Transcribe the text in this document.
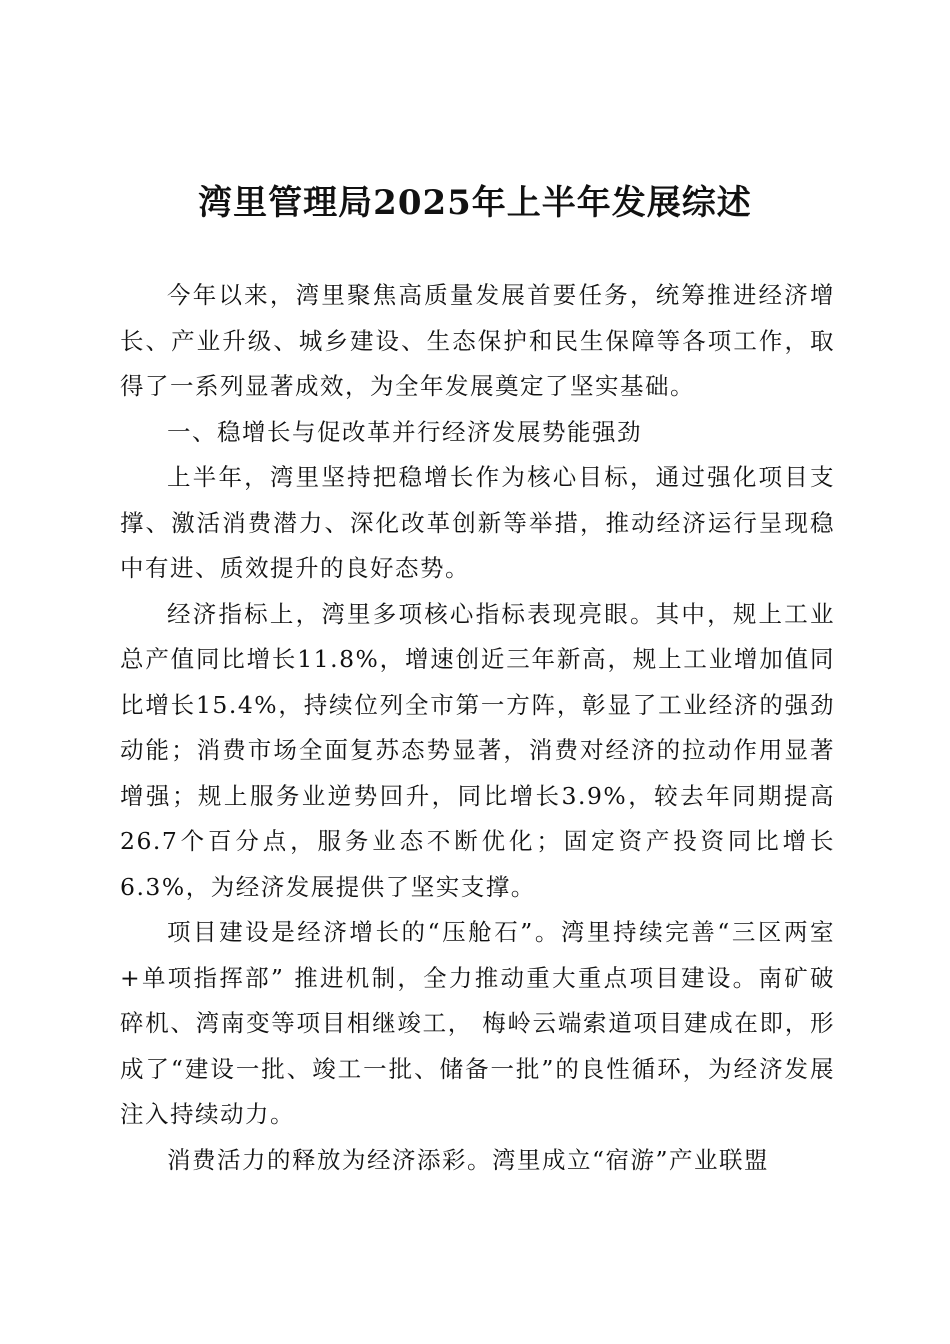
湾里管理局2025年上半年发展综述

今年以来，湾里聚焦高质量发展首要任务，统筹推进经济增长、产业升级、城乡建设、生态保护和民生保障等各项工作，取得了一系列显著成效，为全年发展奠定了坚实基础。

一、稳增长与促改革并行经济发展势能强劲

上半年，湾里坚持把稳增长作为核心目标，通过强化项目支撑、激活消费潜力、深化改革创新等举措，推动经济运行呈现稳中有进、质效提升的良好态势。

经济指标上，湾里多项核心指标表现亮眼。其中，规上工业总产值同比增长11.8%，增速创近三年新高，规上工业增加值同比增长15.4%，持续位列全市第一方阵，彰显了工业经济的强劲动能；消费市场全面复苏态势显著，消费对经济的拉动作用显著增强；规上服务业逆势回升，同比增长3.9%，较去年同期提高26.7个百分点，服务业态不断优化；固定资产投资同比增长6.3%，为经济发展提供了坚实支撑。

项目建设是经济增长的“压舱石”。湾里持续完善“三区两室+单项指挥部” 推进机制，全力推动重大重点项目建设。南矿破碎机、湾南变等项目相继竣工， 梅岭云端索道项目建成在即，形成了“建设一批、竣工一批、储备一批”的良性循环，为经济发展注入持续动力。

消费活力的释放为经济添彩。湾里成立“宿游”产业联盟
